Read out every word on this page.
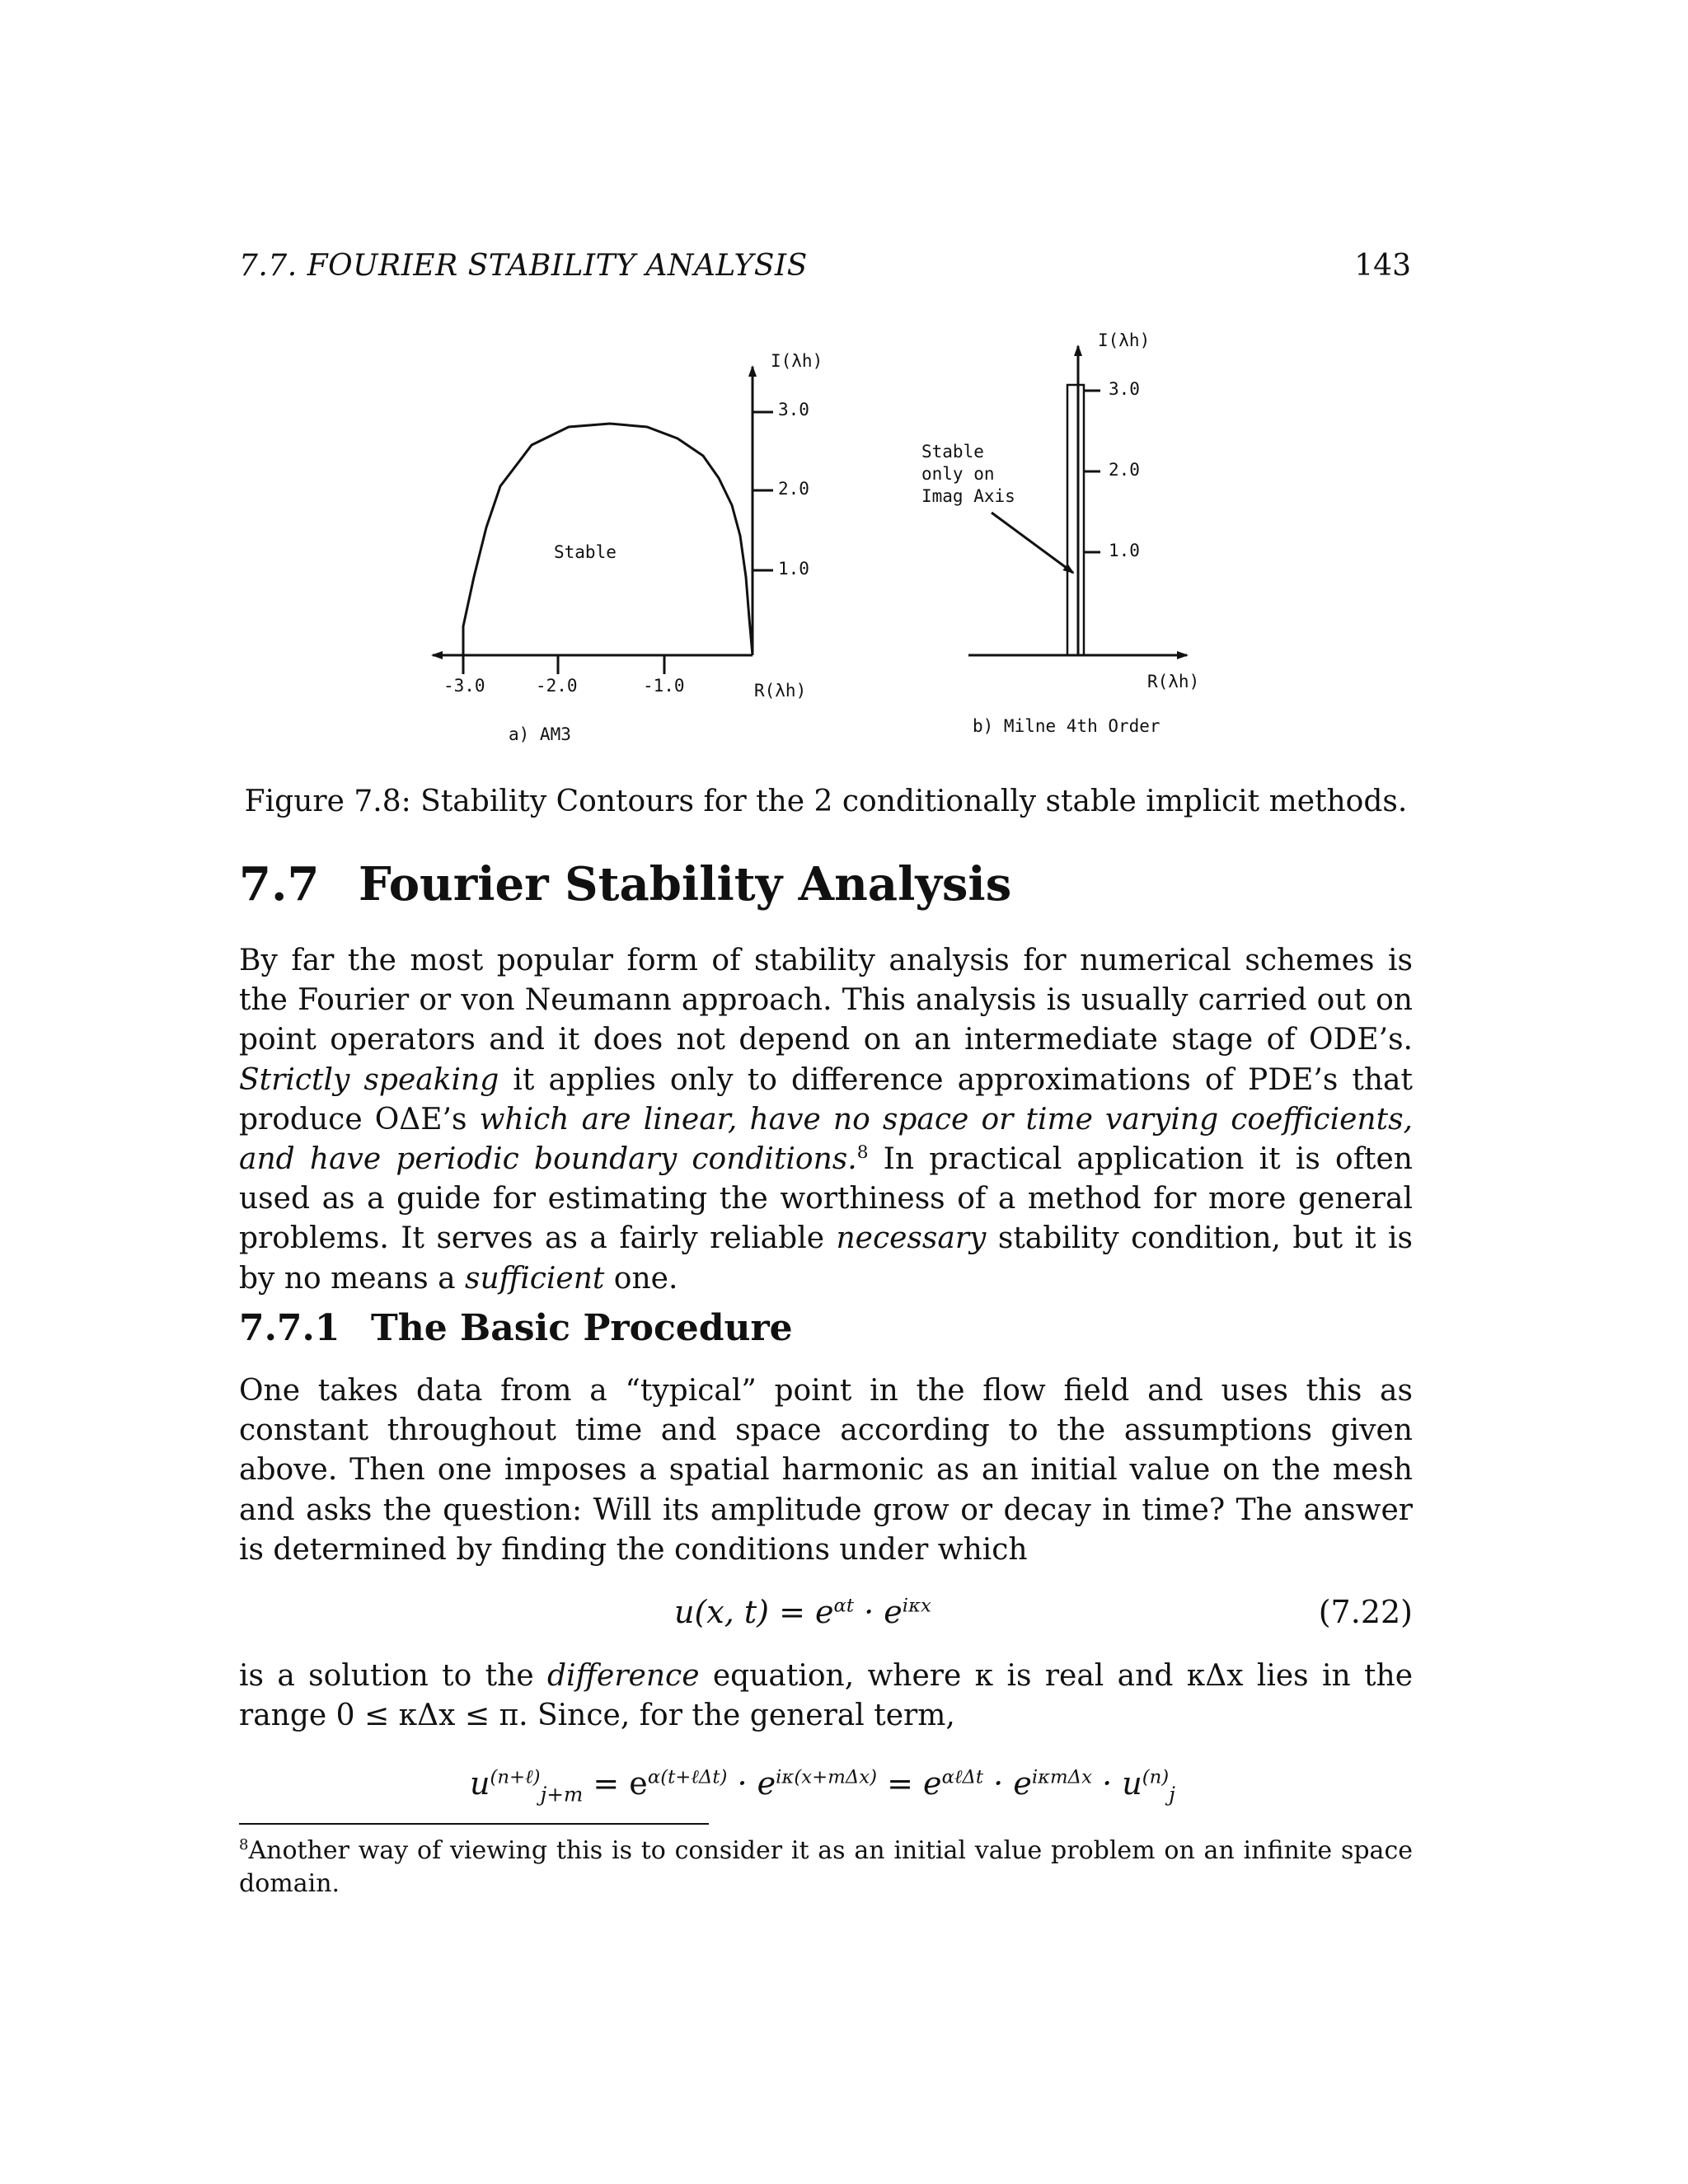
7.7. FOURIER STABILITY ANALYSIS	143
I(λh)
3.0
2.0
1.0
-3.0	-2.0	-1.0	R(λh)
Stable
a) AM3
I(λh)
3.0
2.0
1.0
R(λh)
Stable
only on
Imag Axis
b) Milne 4th Order
Figure 7.8: Stability Contours for the 2 conditionally stable implicit methods.
7.7 Fourier Stability Analysis
By far the most popular form of stability analysis for numerical schemes is the Fourier or von Neumann approach. This analysis is usually carried out on point operators and it does not depend on an intermediate stage of ODE’s. Strictly speaking it applies only to difference approximations of PDE’s that produce OΔE’s which are linear, have no space or time varying coefficients, and have periodic boundary conditions.$^8$ In practical application it is often used as a guide for estimating the worthiness of a method for more general problems. It serves as a fairly reliable necessary stability condition, but it is by no means a sufficient one.
7.7.1 The Basic Procedure
One takes data from a “typical” point in the flow field and uses this as constant throughout time and space according to the assumptions given above. Then one imposes a spatial harmonic as an initial value on the mesh and asks the question: Will its amplitude grow or decay in time? The answer is determined by finding the conditions under which
u(x, $t) = e^{\alpha t} \cdot e^{i\kappa x}$	(7.22)
is a solution to the difference equation, where κ is real and κΔx lies in the range 0 ≤ κΔx ≤ π. Since, for the general term,
$u^{(n+\ell)}_{j+m} = e^{\alpha(t+\ell\Delta t)} \cdot e^{i\kappa(x+m\Delta x)} = e^{\alpha\ell\Delta t} \cdot e^{i\kappa m\Delta x} \cdot u^{(n)}_j$
$^8$Another way of viewing this is to consider it as an initial value problem on an infinite space domain.
